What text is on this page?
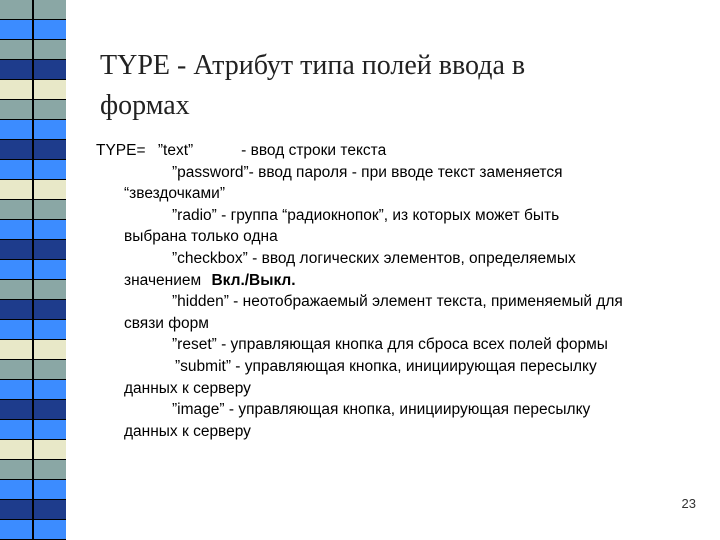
TYPE - Атрибут типа полей ввода в
формах
TYPE= ”text”	- ввод строки текста
”password”- ввод пароля - при вводе текст заменяется
“звездочками”
”radio” - группа “радиокнопок”, из которых может быть
выбрана только одна
”checkbox” - ввод логических элементов, определяемых
значением Вкл./Выкл.
”hidden” - неотображаемый элемент текста, применяемый для
связи форм
”reset” - управляющая кнопка для сброса всех полей формы
”submit” - управляющая кнопка, инициирующая пересылку
данных к серверу
”image” - управляющая кнопка, инициирующая пересылку
данных к серверу
23
